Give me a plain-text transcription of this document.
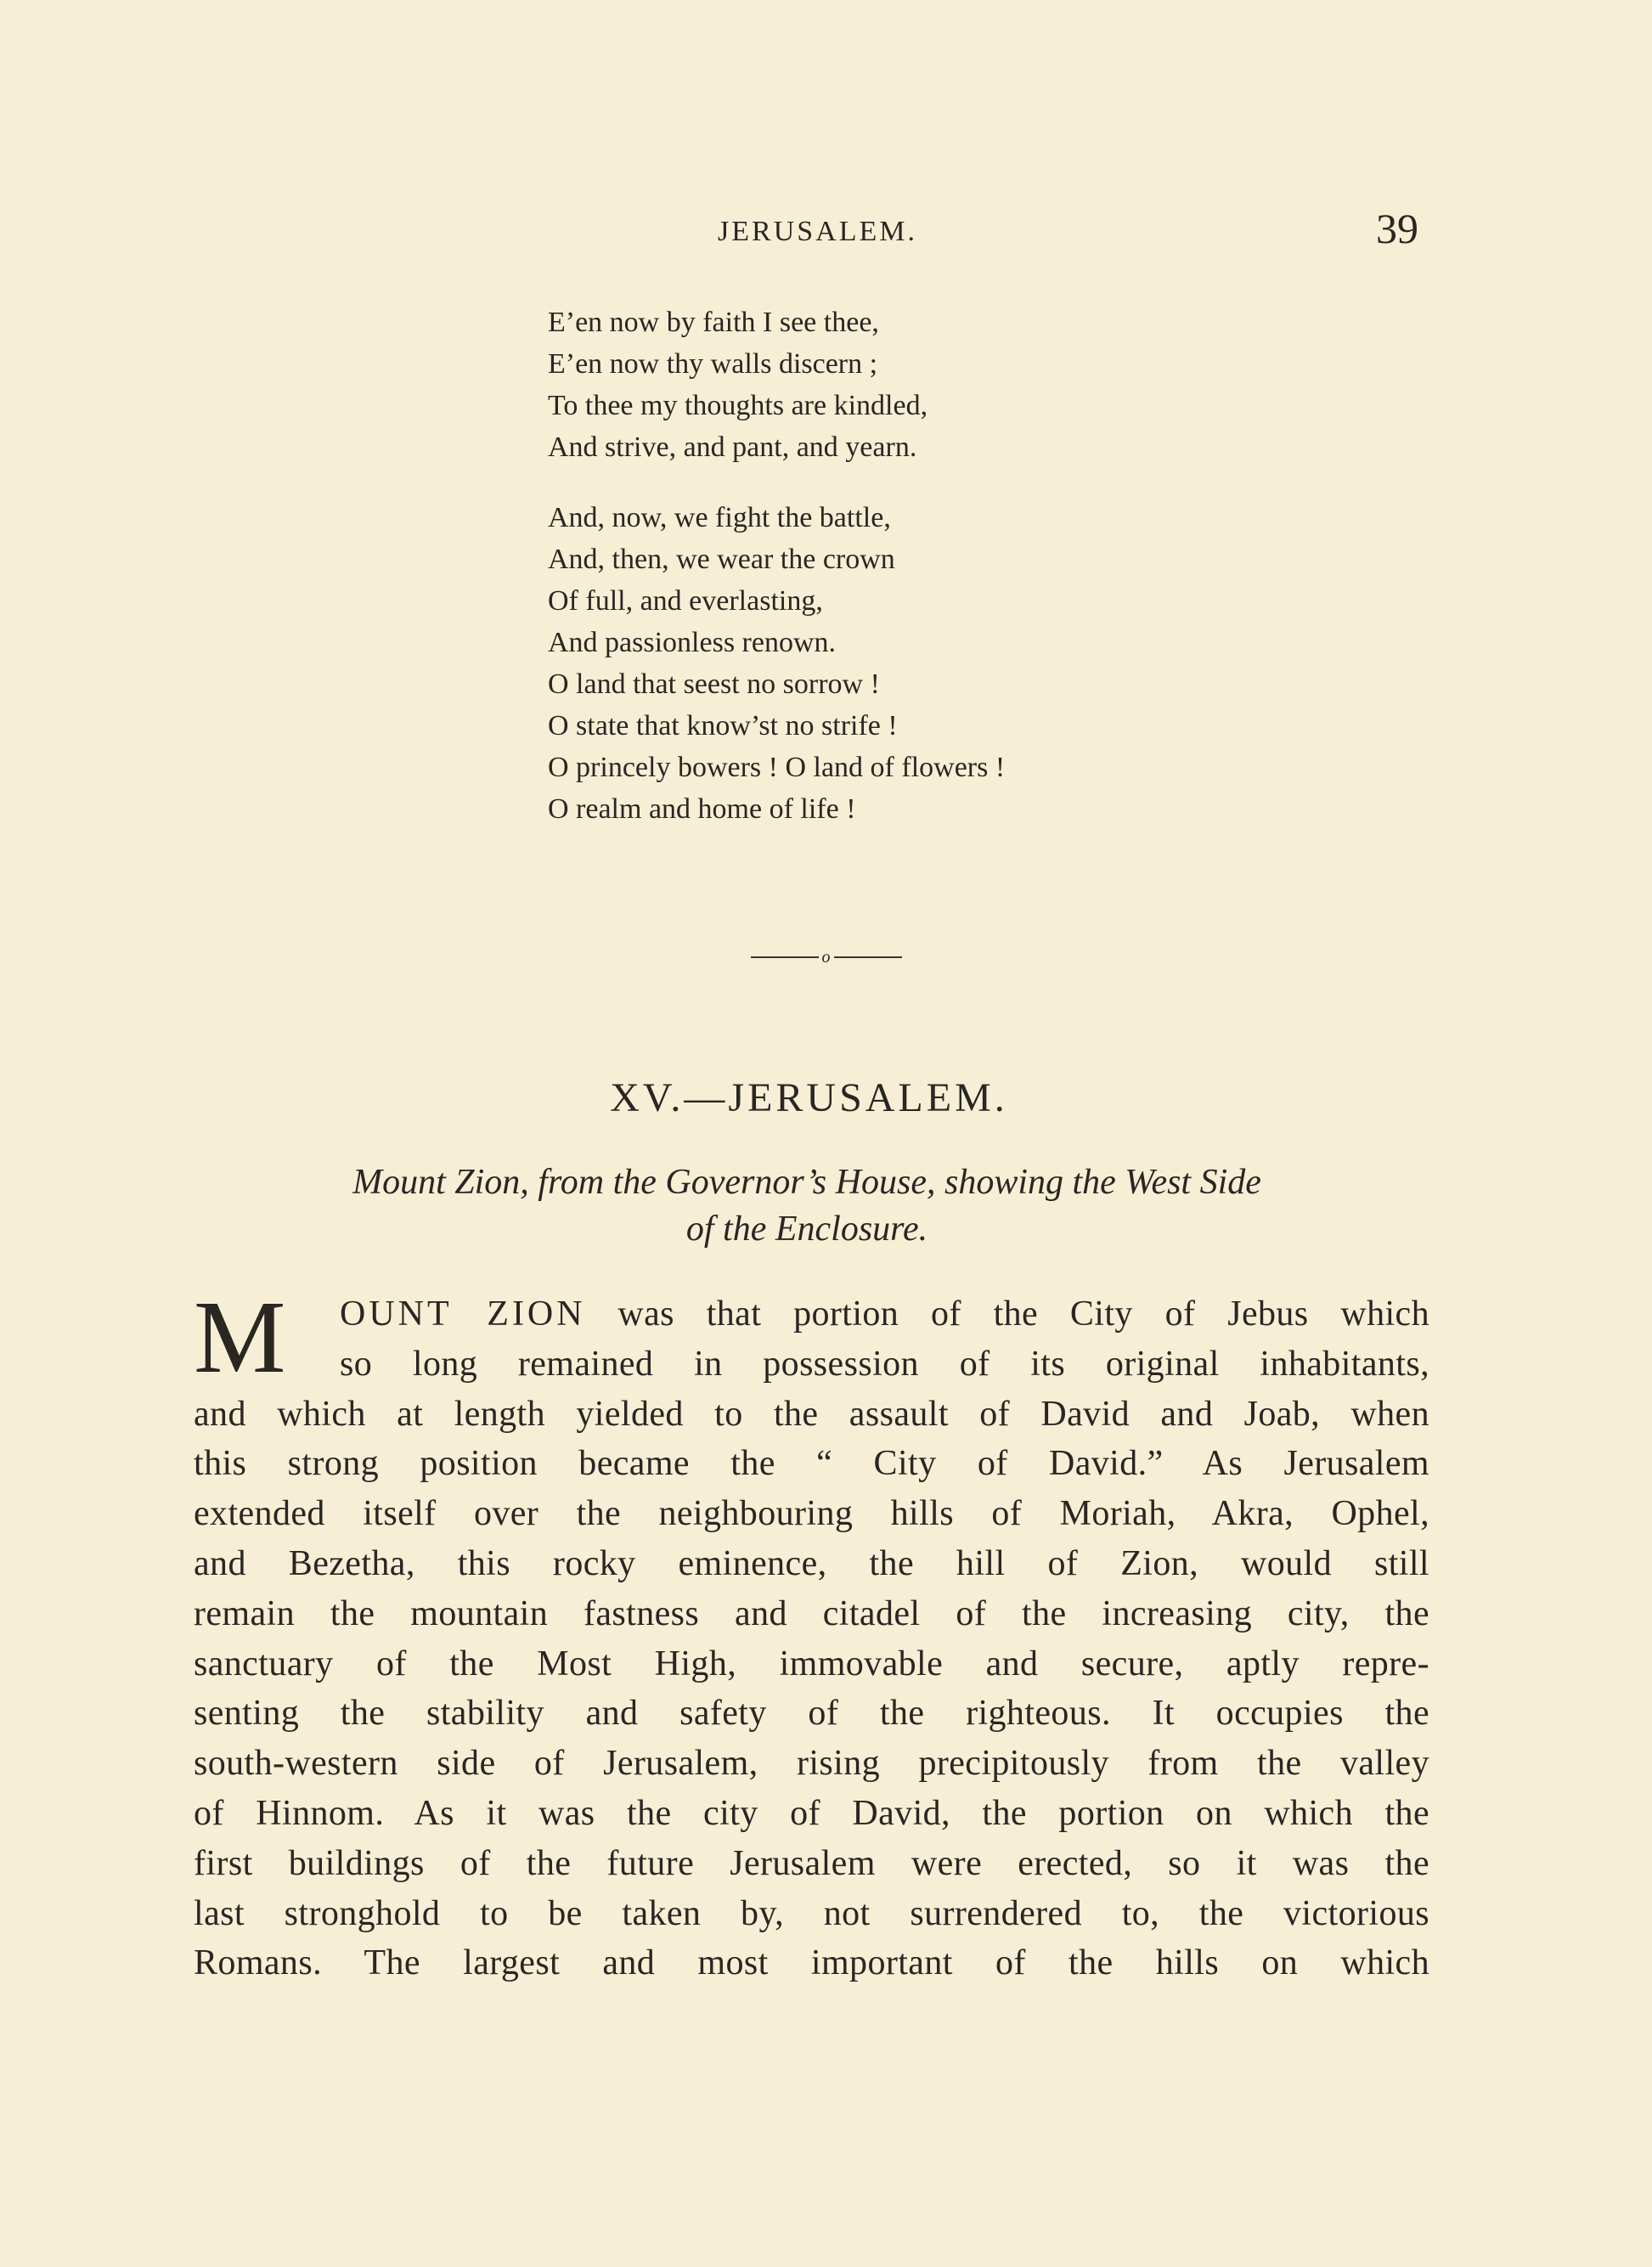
JERUSALEM.	39
E’en now by faith I see thee,
E’en now thy walls discern ;
To thee my thoughts are kindled,
And strive, and pant, and yearn.
And, now, we fight the battle,
And, then, we wear the crown
Of full, and everlasting,
And passionless renown.
O land that seest no sorrow !
O state that know’st no strife !
O princely bowers ! O land of flowers !
O realm and home of life !
o
XV.—JERUSALEM.
Mount Zion, from the Governor’s House, showing the West Side
of the Enclosure.
M OUNT ZION was that portion of the City of Jebus which
so long remained in possession of its original inhabitants,
and which at length yielded to the assault of David and Joab, when
this strong position became the “ City of David.” As Jerusalem
extended itself over the neighbouring hills of Moriah, Akra, Ophel,
and Bezetha, this rocky eminence, the hill of Zion, would still
remain the mountain fastness and citadel of the increasing city, the
sanctuary of the Most High, immovable and secure, aptly repre-
senting the stability and safety of the righteous. It occupies the
south-western side of Jerusalem, rising precipitously from the valley
of Hinnom. As it was the city of David, the portion on which the
first buildings of the future Jerusalem were erected, so it was the
last stronghold to be taken by, not surrendered to, the victorious
Romans. The largest and most important of the hills on which
